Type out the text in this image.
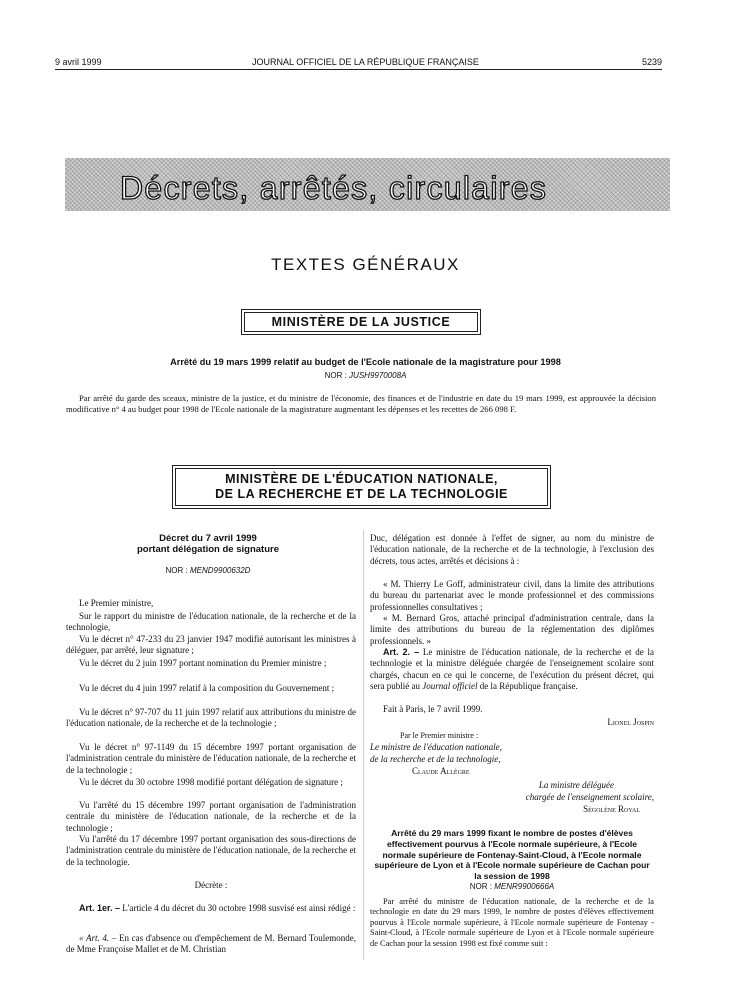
9 avril 1999	JOURNAL OFFICIEL DE LA RÉPUBLIQUE FRANÇAISE	5239
Décrets, arrêtés, circulaires
TEXTES GÉNÉRAUX
MINISTÈRE DE LA JUSTICE
Arrêté du 19 mars 1999 relatif au budget de l'Ecole nationale de la magistrature pour 1998
NOR : JUSH9970008A
Par arrêté du garde des sceaux, ministre de la justice, et du ministre de l'économie, des finances et de l'industrie en date du 19 mars 1999, est approuvée la décision modificative n° 4 au budget pour 1998 de l'Ecole nationale de la magistrature augmentant les dépenses et les recettes de 266 098 F.
MINISTÈRE DE L'ÉDUCATION NATIONALE,
DE LA RECHERCHE ET DE LA TECHNOLOGIE
Décret du 7 avril 1999
portant délégation de signature
NOR : MEND9900632D
Le Premier ministre,
Sur le rapport du ministre de l'éducation nationale, de la recherche et de la technologie,
Vu le décret n° 47-233 du 23 janvier 1947 modifié autorisant les ministres à déléguer, par arrêté, leur signature ;
Vu le décret du 2 juin 1997 portant nomination du Premier ministre ;
Vu le décret du 4 juin 1997 relatif à la composition du Gouvernement ;
Vu le décret n° 97-707 du 11 juin 1997 relatif aux attributions du ministre de l'éducation nationale, de la recherche et de la technologie ;
Vu le décret n° 97-1149 du 15 décembre 1997 portant organisation de l'administration centrale du ministère de l'éducation nationale, de la recherche et de la technologie ;
Vu le décret du 30 octobre 1998 modifié portant délégation de signature ;
Vu l'arrêté du 15 décembre 1997 portant organisation de l'administration centrale du ministère de l'éducation nationale, de la recherche et de la technologie ;
Vu l'arrêté du 17 décembre 1997 portant organisation des sous-directions de l'administration centrale du ministère de l'éducation nationale, de la recherche et de la technologie.
Décrète :
Art. 1er. – L'article 4 du décret du 30 octobre 1998 susvisé est ainsi rédigé :
« Art. 4. – En cas d'absence ou d'empêchement de M. Bernard Toulemonde, de Mme Françoise Mallet et de M. Christian
Duc, délégation est donnée à l'effet de signer, au nom du ministre de l'éducation nationale, de la recherche et de la technologie, à l'exclusion des décrets, tous actes, arrêtés et décisions à :
« M. Thierry Le Goff, administrateur civil, dans la limite des attributions du bureau du partenariat avec le monde professionnel et des commissions professionnelles consultatives ;
« M. Bernard Gros, attaché principal d'administration centrale, dans la limite des attributions du bureau de la réglementation des diplômes professionnels. »
Art. 2. – Le ministre de l'éducation nationale, de la recherche et de la technologie et la ministre déléguée chargée de l'enseignement scolaire sont chargés, chacun en ce qui le concerne, de l'exécution du présent décret, qui sera publié au Journal officiel de la République française.
Fait à Paris, le 7 avril 1999.
Lionel Jospin
Par le Premier ministre :
Le ministre de l'éducation nationale,
de la recherche et de la technologie,
Claude Allègre
La ministre déléguée
chargée de l'enseignement scolaire,
Ségolène Royal
Arrêté du 29 mars 1999 fixant le nombre de postes d'élèves effectivement pourvus à l'Ecole normale supérieure, à l'Ecole normale supérieure de Fontenay-Saint-Cloud, à l'Ecole normale supérieure de Lyon et à l'Ecole normale supérieure de Cachan pour la session de 1998
NOR : MENR9900666A
Par arrêté du ministre de l'éducation nationale, de la recherche et de la technologie en date du 29 mars 1999, le nombre de postes d'élèves effectivement pourvus à l'Ecole normale supérieure, à l'Ecole normale supérieure de Fontenay - Saint-Cloud, à l'Ecole normale supérieure de Lyon et à l'Ecole normale supérieure de Cachan pour la session 1998 est fixé comme suit :
